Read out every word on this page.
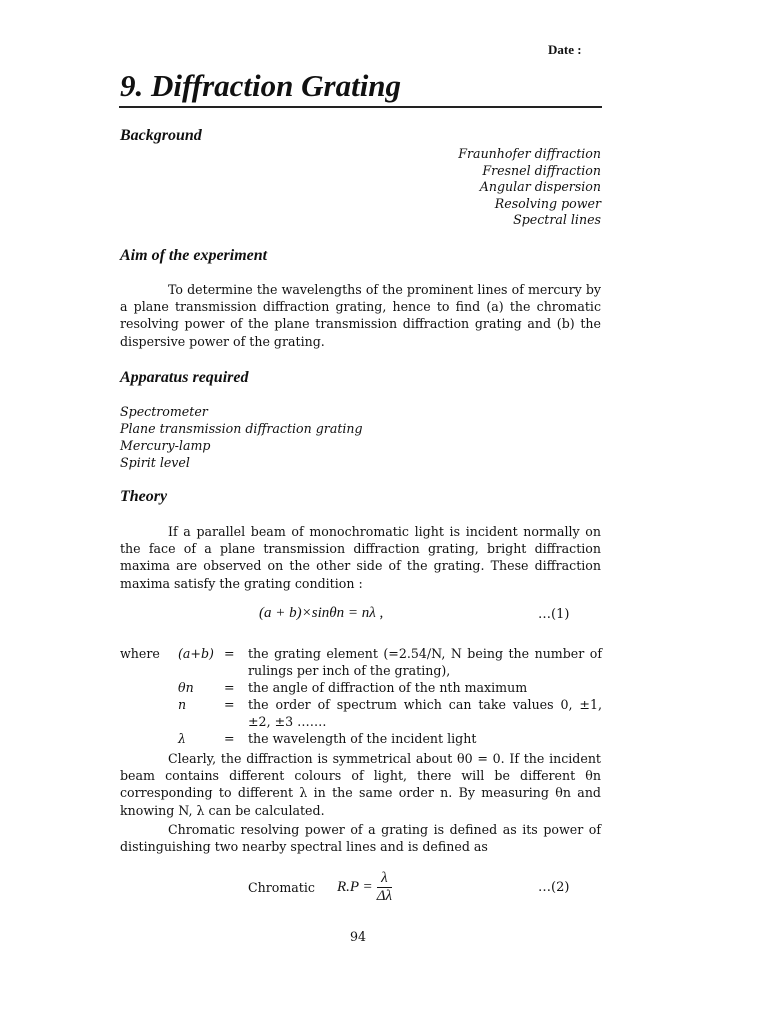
Date :
9. Diffraction Grating
Background
Fraunhofer diffraction
Fresnel diffraction
Angular dispersion
Resolving power
Spectral lines
Aim of the experiment
To determine the wavelengths of the prominent lines of mercury by a plane transmission diffraction grating, hence to find (a) the chromatic resolving power of the plane transmission diffraction grating and (b) the dispersive power of the grating.
Apparatus required
Spectrometer
Plane transmission diffraction grating
Mercury-lamp
Spirit level
Theory
If a parallel beam of monochromatic light is incident normally on the face of a plane transmission diffraction grating, bright diffraction maxima are observed on the other side of the grating. These diffraction maxima satisfy the grating condition :
(a + b)×sinθn = nλ ,	…(1)
where (a+b) = the grating element (=2.54/N, N being the number of rulings per inch of the grating),
θn = the angle of diffraction of the nth maximum
n	= the order of spectrum which can take values 0, ±1, ±2, ±3 …….
λ	= the wavelength of the incident light
Clearly, the diffraction is symmetrical about θ0 = 0. If the incident beam contains different colours of light, there will be different θn corresponding to different λ in the same order n. By measuring θn and knowing N, λ can be calculated.
Chromatic resolving power of a grating is defined as its power of distinguishing two nearby spectral lines and is defined as
Chromatic $R.P = \frac{\lambda}{\Delta\lambda}$	…(2)
94
